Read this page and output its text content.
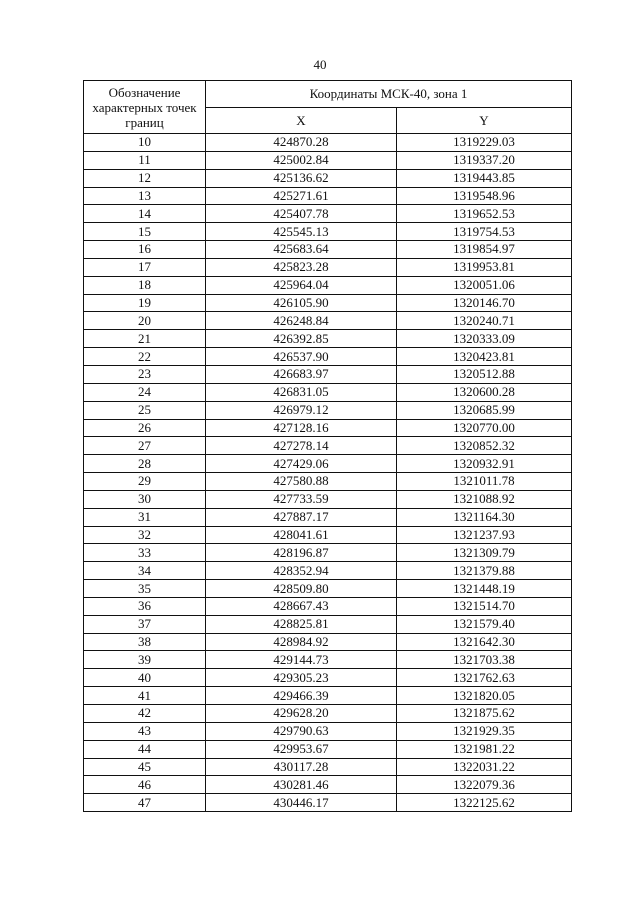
40
Обозначение характерных точек границ	Координаты МСК-40, зона 1	
	X	Y
10	424870.28	1319229.03
11	425002.84	1319337.20
12	425136.62	1319443.85
13	425271.61	1319548.96
14	425407.78	1319652.53
15	425545.13	1319754.53
16	425683.64	1319854.97
17	425823.28	1319953.81
18	425964.04	1320051.06
19	426105.90	1320146.70
20	426248.84	1320240.71
21	426392.85	1320333.09
22	426537.90	1320423.81
23	426683.97	1320512.88
24	426831.05	1320600.28
25	426979.12	1320685.99
26	427128.16	1320770.00
27	427278.14	1320852.32
28	427429.06	1320932.91
29	427580.88	1321011.78
30	427733.59	1321088.92
31	427887.17	1321164.30
32	428041.61	1321237.93
33	428196.87	1321309.79
34	428352.94	1321379.88
35	428509.80	1321448.19
36	428667.43	1321514.70
37	428825.81	1321579.40
38	428984.92	1321642.30
39	429144.73	1321703.38
40	429305.23	1321762.63
41	429466.39	1321820.05
42	429628.20	1321875.62
43	429790.63	1321929.35
44	429953.67	1321981.22
45	430117.28	1322031.22
46	430281.46	1322079.36
47	430446.17	1322125.62
